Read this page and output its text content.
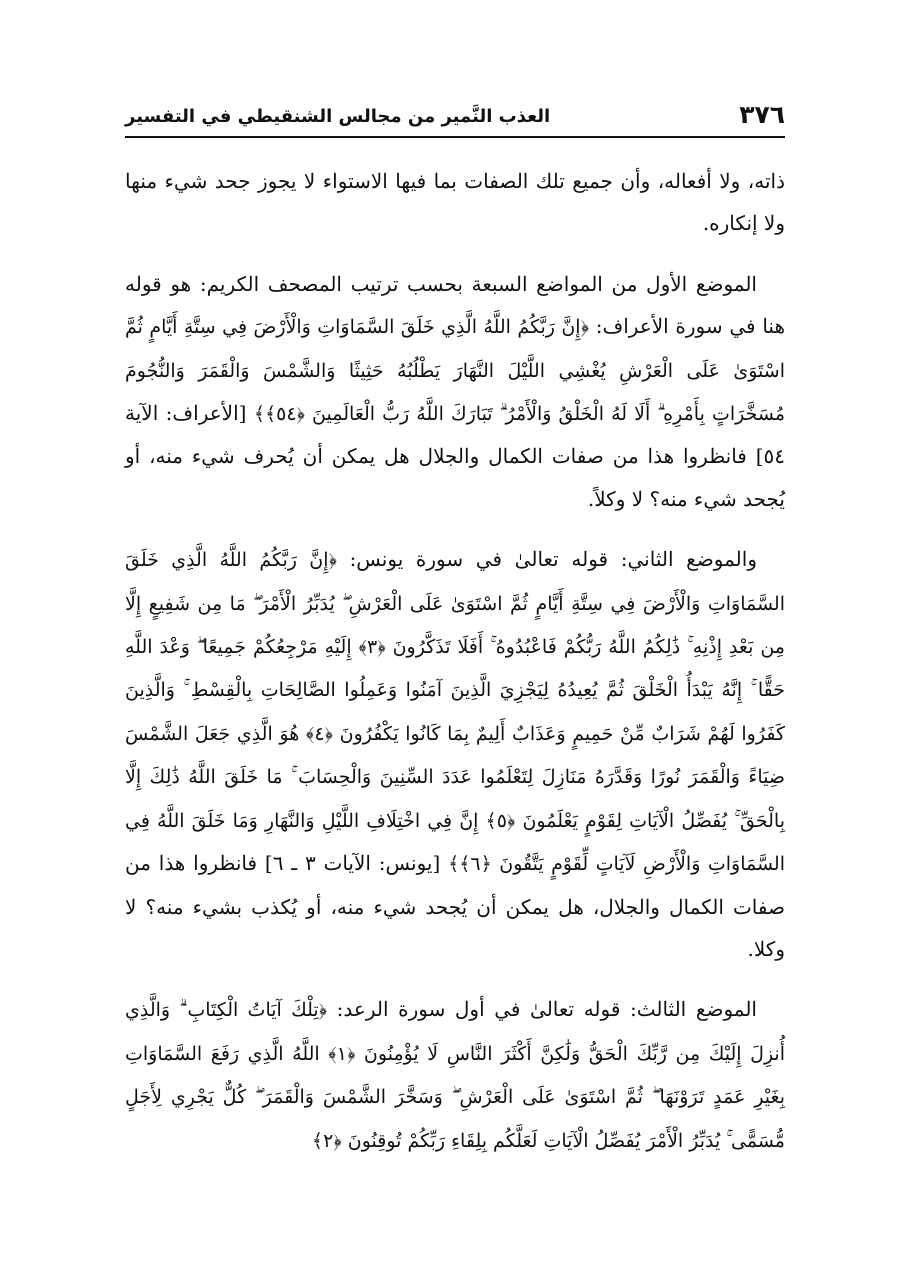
٣٧٦
العذب النَّمير من مجالس الشنقيطي في التفسير

ذاته، ولا أفعاله، وأن جميع تلك الصفات بما فيها الاستواء لا يجوز جحد شيء منها ولا إنكاره.

الموضع الأول من المواضع السبعة بحسب ترتيب المصحف الكريم: هو قوله هنا في سورة الأعراف: ﴿إِنَّ رَبَّكُمُ اللَّهُ الَّذِي خَلَقَ السَّمَاوَاتِ وَالْأَرْضَ فِي سِتَّةِ أَيَّامٍ ثُمَّ اسْتَوَىٰ عَلَى الْعَرْشِ يُغْشِي اللَّيْلَ النَّهَارَ يَطْلُبُهُ حَثِيثًا وَالشَّمْسَ وَالْقَمَرَ وَالنُّجُومَ مُسَخَّرَاتٍ بِأَمْرِهِ ۗ أَلَا لَهُ الْخَلْقُ وَالْأَمْرُ ۗ تَبَارَكَ اللَّهُ رَبُّ الْعَالَمِينَ ﴿٥٤﴾﴾ [الأعراف: الآية ٥٤] فانظروا هذا من صفات الكمال والجلال هل يمكن أن يُحرف شيء منه، أو يُجحد شيء منه؟ لا وكلاً.

والموضع الثاني: قوله تعالىٰ في سورة يونس: ﴿إِنَّ رَبَّكُمُ اللَّهُ الَّذِي خَلَقَ السَّمَاوَاتِ وَالْأَرْضَ فِي سِتَّةِ أَيَّامٍ ثُمَّ اسْتَوَىٰ عَلَى الْعَرْشِ ۖ يُدَبِّرُ الْأَمْرَ ۖ مَا مِن شَفِيعٍ إِلَّا مِن بَعْدِ إِذْنِهِ ۚ ذَٰلِكُمُ اللَّهُ رَبُّكُمْ فَاعْبُدُوهُ ۚ أَفَلَا تَذَكَّرُونَ ﴿٣﴾ إِلَيْهِ مَرْجِعُكُمْ جَمِيعًا ۖ وَعْدَ اللَّهِ حَقًّا ۚ إِنَّهُ يَبْدَأُ الْخَلْقَ ثُمَّ يُعِيدُهُ لِيَجْزِيَ الَّذِينَ آمَنُوا وَعَمِلُوا الصَّالِحَاتِ بِالْقِسْطِ ۚ وَالَّذِينَ كَفَرُوا لَهُمْ شَرَابٌ مِّنْ حَمِيمٍ وَعَذَابٌ أَلِيمٌ بِمَا كَانُوا يَكْفُرُونَ ﴿٤﴾ هُوَ الَّذِي جَعَلَ الشَّمْسَ ضِيَاءً وَالْقَمَرَ نُورًا وَقَدَّرَهُ مَنَازِلَ لِتَعْلَمُوا عَدَدَ السِّنِينَ وَالْحِسَابَ ۚ مَا خَلَقَ اللَّهُ ذَٰلِكَ إِلَّا بِالْحَقِّ ۚ يُفَصِّلُ الْآيَاتِ لِقَوْمٍ يَعْلَمُونَ ﴿٥﴾ إِنَّ فِي اخْتِلَافِ اللَّيْلِ وَالنَّهَارِ وَمَا خَلَقَ اللَّهُ فِي السَّمَاوَاتِ وَالْأَرْضِ لَآيَاتٍ لِّقَوْمٍ يَتَّقُونَ ﴿٦﴾﴾ [يونس: الآيات ٣ ـ ٦] فانظروا هذا من صفات الكمال والجلال، هل يمكن أن يُجحد شيء منه، أو يُكذب بشيء منه؟ لا وكلا.

الموضع الثالث: قوله تعالىٰ في أول سورة الرعد: ﴿تِلْكَ آيَاتُ الْكِتَابِ ۗ وَالَّذِي أُنزِلَ إِلَيْكَ مِن رَّبِّكَ الْحَقُّ وَلَٰكِنَّ أَكْثَرَ النَّاسِ لَا يُؤْمِنُونَ ﴿١﴾ اللَّهُ الَّذِي رَفَعَ السَّمَاوَاتِ بِغَيْرِ عَمَدٍ تَرَوْنَهَا ۖ ثُمَّ اسْتَوَىٰ عَلَى الْعَرْشِ ۖ وَسَخَّرَ الشَّمْسَ وَالْقَمَرَ ۖ كُلٌّ يَجْرِي لِأَجَلٍ مُّسَمًّى ۚ يُدَبِّرُ الْأَمْرَ يُفَصِّلُ الْآيَاتِ لَعَلَّكُم بِلِقَاءِ رَبِّكُمْ تُوقِنُونَ ﴿٢﴾
